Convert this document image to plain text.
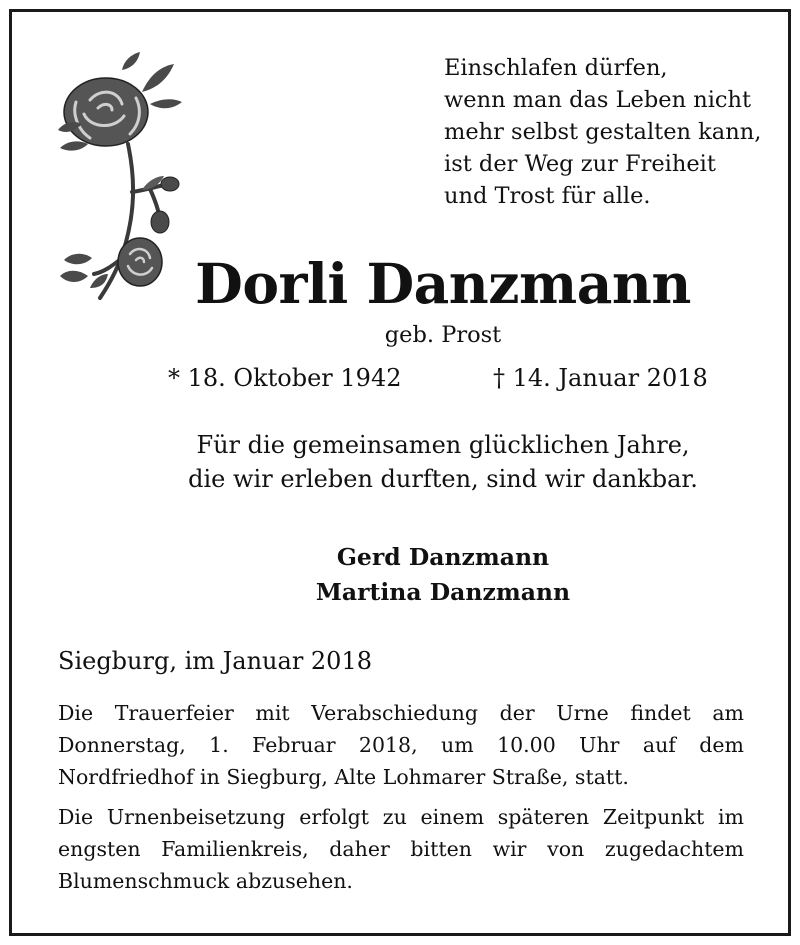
Einschlafen dürfen,
wenn man das Leben nicht
mehr selbst gestalten kann,
ist der Weg zur Freiheit
und Trost für alle.
Dorli Danzmann
geb. Prost
* 18. Oktober 1942	† 14. Januar 2018
Für die gemeinsamen glücklichen Jahre,
die wir erleben durften, sind wir dankbar.
Gerd Danzmann
Martina Danzmann
Siegburg, im Januar 2018
Die Trauerfeier mit Verabschiedung der Urne findet am Donnerstag, 1. Februar 2018, um 10.00 Uhr auf dem Nordfriedhof in Siegburg, Alte Lohmarer Straße, statt.
Die Urnenbeisetzung erfolgt zu einem späteren Zeitpunkt im engsten Familienkreis, daher bitten wir von zugedachtem Blumenschmuck abzusehen.
